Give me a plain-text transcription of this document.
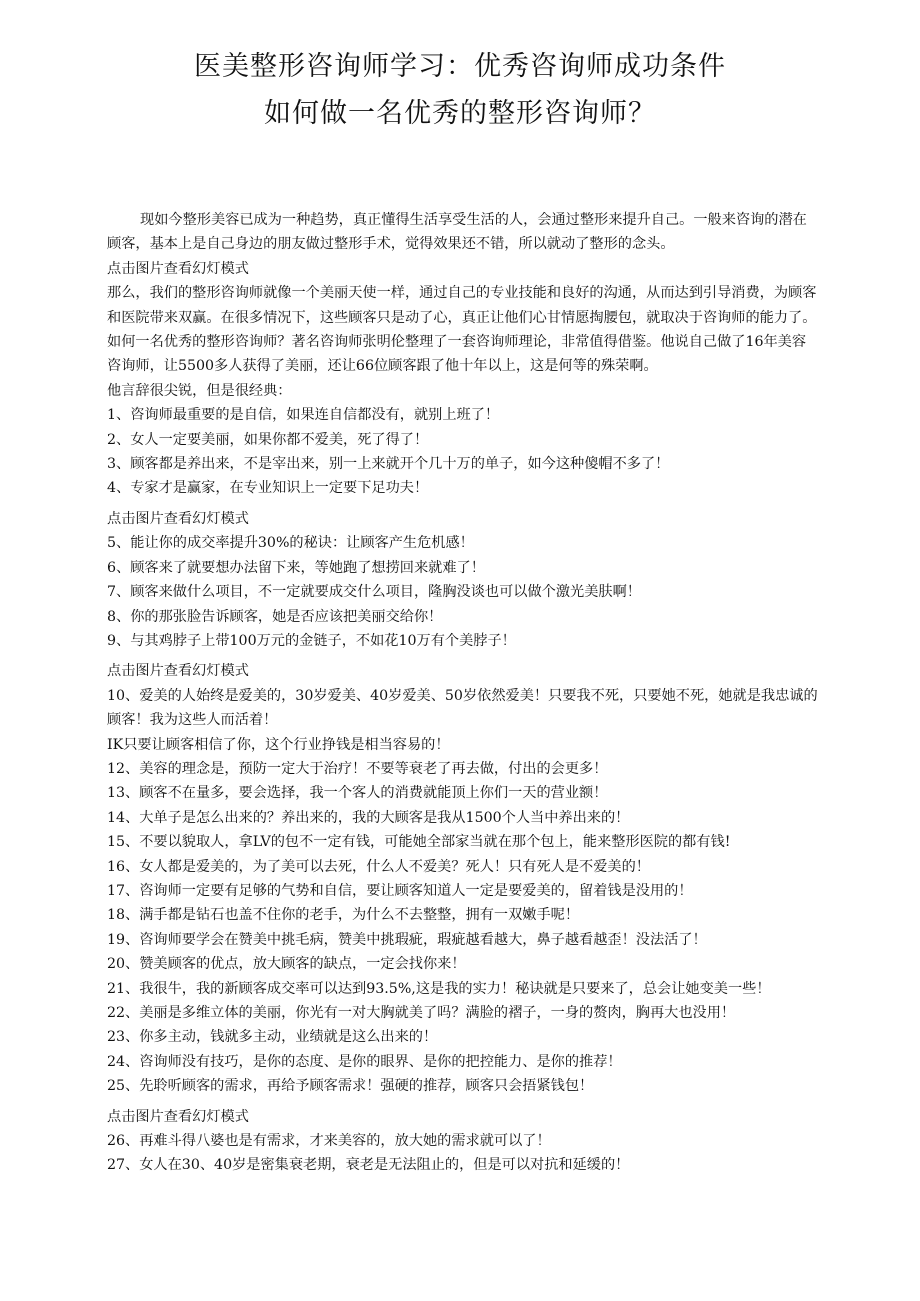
医美整形咨询师学习：优秀咨询师成功条件
如何做一名优秀的整形咨询师？

现如今整形美容已成为一种趋势，真正懂得生活享受生活的人，会通过整形来提升自己。一般来咨询的潜在顾客，基本上是自己身边的朋友做过整形手术，觉得效果还不错，所以就动了整形的念头。

点击图片查看幻灯模式

那么，我们的整形咨询师就像一个美丽天使一样，通过自己的专业技能和良好的沟通，从而达到引导消费，为顾客和医院带来双赢。在很多情况下，这些顾客只是动了心，真正让他们心甘情愿掏腰包，就取决于咨询师的能力了。

如何一名优秀的整形咨询师？著名咨询师张明伦整理了一套咨询师理论，非常值得借鉴。他说自己做了16年美容咨询师，让5500多人获得了美丽，还让66位顾客跟了他十年以上，这是何等的殊荣啊。

他言辞很尖锐，但是很经典：

1、咨询师最重要的是自信，如果连自信都没有，就别上班了！

2、女人一定要美丽，如果你都不爱美，死了得了！

3、顾客都是养出来，不是宰出来，别一上来就开个几十万的单子，如今这种傻帽不多了！

4、专家才是赢家，在专业知识上一定要下足功夫！

点击图片查看幻灯模式

5、能让你的成交率提升30%的秘诀：让顾客产生危机感！

6、顾客来了就要想办法留下来，等她跑了想捞回来就难了！

7、顾客来做什么项目，不一定就要成交什么项目，隆胸没谈也可以做个激光美肤啊！

8、你的那张脸告诉顾客，她是否应该把美丽交给你！

9、与其鸡脖子上带100万元的金链子，不如花10万有个美脖子！

点击图片查看幻灯模式

10、爱美的人始终是爱美的，30岁爱美、40岁爱美、50岁依然爱美！只要我不死，只要她不死，她就是我忠诚的顾客！我为这些人而活着！

IK只要让顾客相信了你，这个行业挣钱是相当容易的！

12、美容的理念是，预防一定大于治疗！不要等衰老了再去做，付出的会更多！

13、顾客不在量多，要会选择，我一个客人的消费就能顶上你们一天的营业额！

14、大单子是怎么出来的？养出来的，我的大顾客是我从1500个人当中养出来的！

15、不要以貌取人，拿LV的包不一定有钱，可能她全部家当就在那个包上，能来整形医院的都有钱!

16、女人都是爱美的，为了美可以去死，什么人不爱美？死人！只有死人是不爱美的！

17、咨询师一定要有足够的气势和自信，要让顾客知道人一定是要爱美的，留着钱是没用的！

18、满手都是钻石也盖不住你的老手，为什么不去整整，拥有一双嫩手呢！

19、咨询师要学会在赞美中挑毛病，赞美中挑瑕疵，瑕疵越看越大，鼻子越看越歪！没法活了！

20、赞美顾客的优点，放大顾客的缺点，一定会找你来！

21、我很牛，我的新顾客成交率可以达到93.5%,这是我的实力！秘诀就是只要来了，总会让她变美一些！

22、美丽是多维立体的美丽，你光有一对大胸就美了吗？满脸的褶子，一身的赘肉，胸再大也没用！

23、你多主动，钱就多主动，业绩就是这么出来的！

24、咨询师没有技巧，是你的态度、是你的眼界、是你的把控能力、是你的推荐！

25、先聆听顾客的需求，再给予顾客需求！强硬的推荐，顾客只会捂紧钱包！

点击图片查看幻灯模式

26、再难斗得八婆也是有需求，才来美容的，放大她的需求就可以了！

27、女人在30、40岁是密集衰老期，衰老是无法阻止的，但是可以对抗和延缓的！
